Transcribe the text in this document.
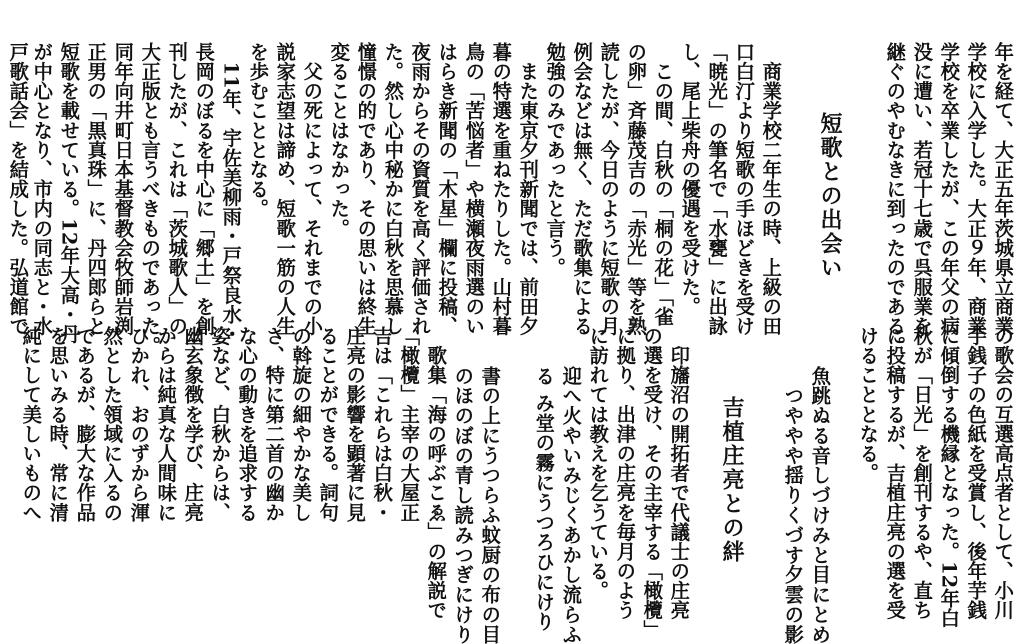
年を経て、大正五年茨城県立商業
学校に入学した。大正９年、商業
学校を卒業したが、この年父の病
没に遭い、若冠十七歳で呉服業を
継ぐのやむなきに到ったのである。
　　短歌との出会い
　商業学校二年生の時、上級の田
口白汀より短歌の手ほどきを受け
「暁光」の筆名で「水甕」に出詠
し、尾上柴舟の優遇を受けた。
　この間、白秋の「桐の花」「雀
の卵」斉藤茂吉の「赤光」等を熟
読したが、今日のように短歌の月
例会などは無く、ただ歌集による
勉強のみであったと言う。
　また東京夕刊新聞では、前田夕
暮の特選を重ねたりした。山村暮
鳥の「苦悩者」や横瀬夜雨選のい
はらき新聞の「木星」欄に投稿、
夜雨からその資質を高く評価され
た。然し心中秘かに白秋を思慕し
憧憬の的であり、その思いは終生
変ることはなかった。
　父の死によって、それまでの小
説家志望は諦め、短歌一筋の人生
を歩むこととなる。
　11年、宇佐美柳雨・戸祭良水・
長岡のぼるを中心に「郷土」を創
刊したが、これは「茨城歌人」の
大正版とも言うべきものであった。
同年向井町日本基督教会牧師岩渕
正男の「黒真珠」に、丹四郎らと
短歌を載せている。12年大高・丹
が中心となり、市内の同志と・水
戸歌話会」を結成した。弘道館で
の歌会の互選高点者として、小川
芋銭子の色紙を受賞し、後年芋銭
に傾倒する機縁となった。12年白
秋が「日光」を創刊するや、直ち
に投稿するが、吉植庄亮の選を受
けることとなる。
　　魚跳ぬる音しづけみと目にとめ
　　　つややや揺りくづす夕雲の影
　　吉植庄亮との絆
　印旛沼の開拓者で代議士の庄亮
の選を受け、その主宰する「橄欖」
に拠り、出津の庄亮を毎月のよう
に訪れては教えを乞うている。
　　迎へ火やいみじくあかし流らふ
　　る み堂の霧にうつろひにけり
　　書の上にうつらふ蚊厨の布の目
　　のほのぼの青し読みつぎにけり
　歌集「海の呼ぶこゑ」の解説で
「橄欖」主宰の大屋正
吉は「これらは白秋・
庄亮の影響を顕著に見
ることができる。詞句
の斡旋の細やかな美し
さ、特に第二首の幽か
な心の動きを追求する
姿など、白秋からは、
幽玄象徴を学び、庄亮
からは純真な人間味に
ひかれ、おのずから渾
然とした領域に入るの
であるが、膨大な作品
を思いみる時、常に清
純にして美しいものへ
